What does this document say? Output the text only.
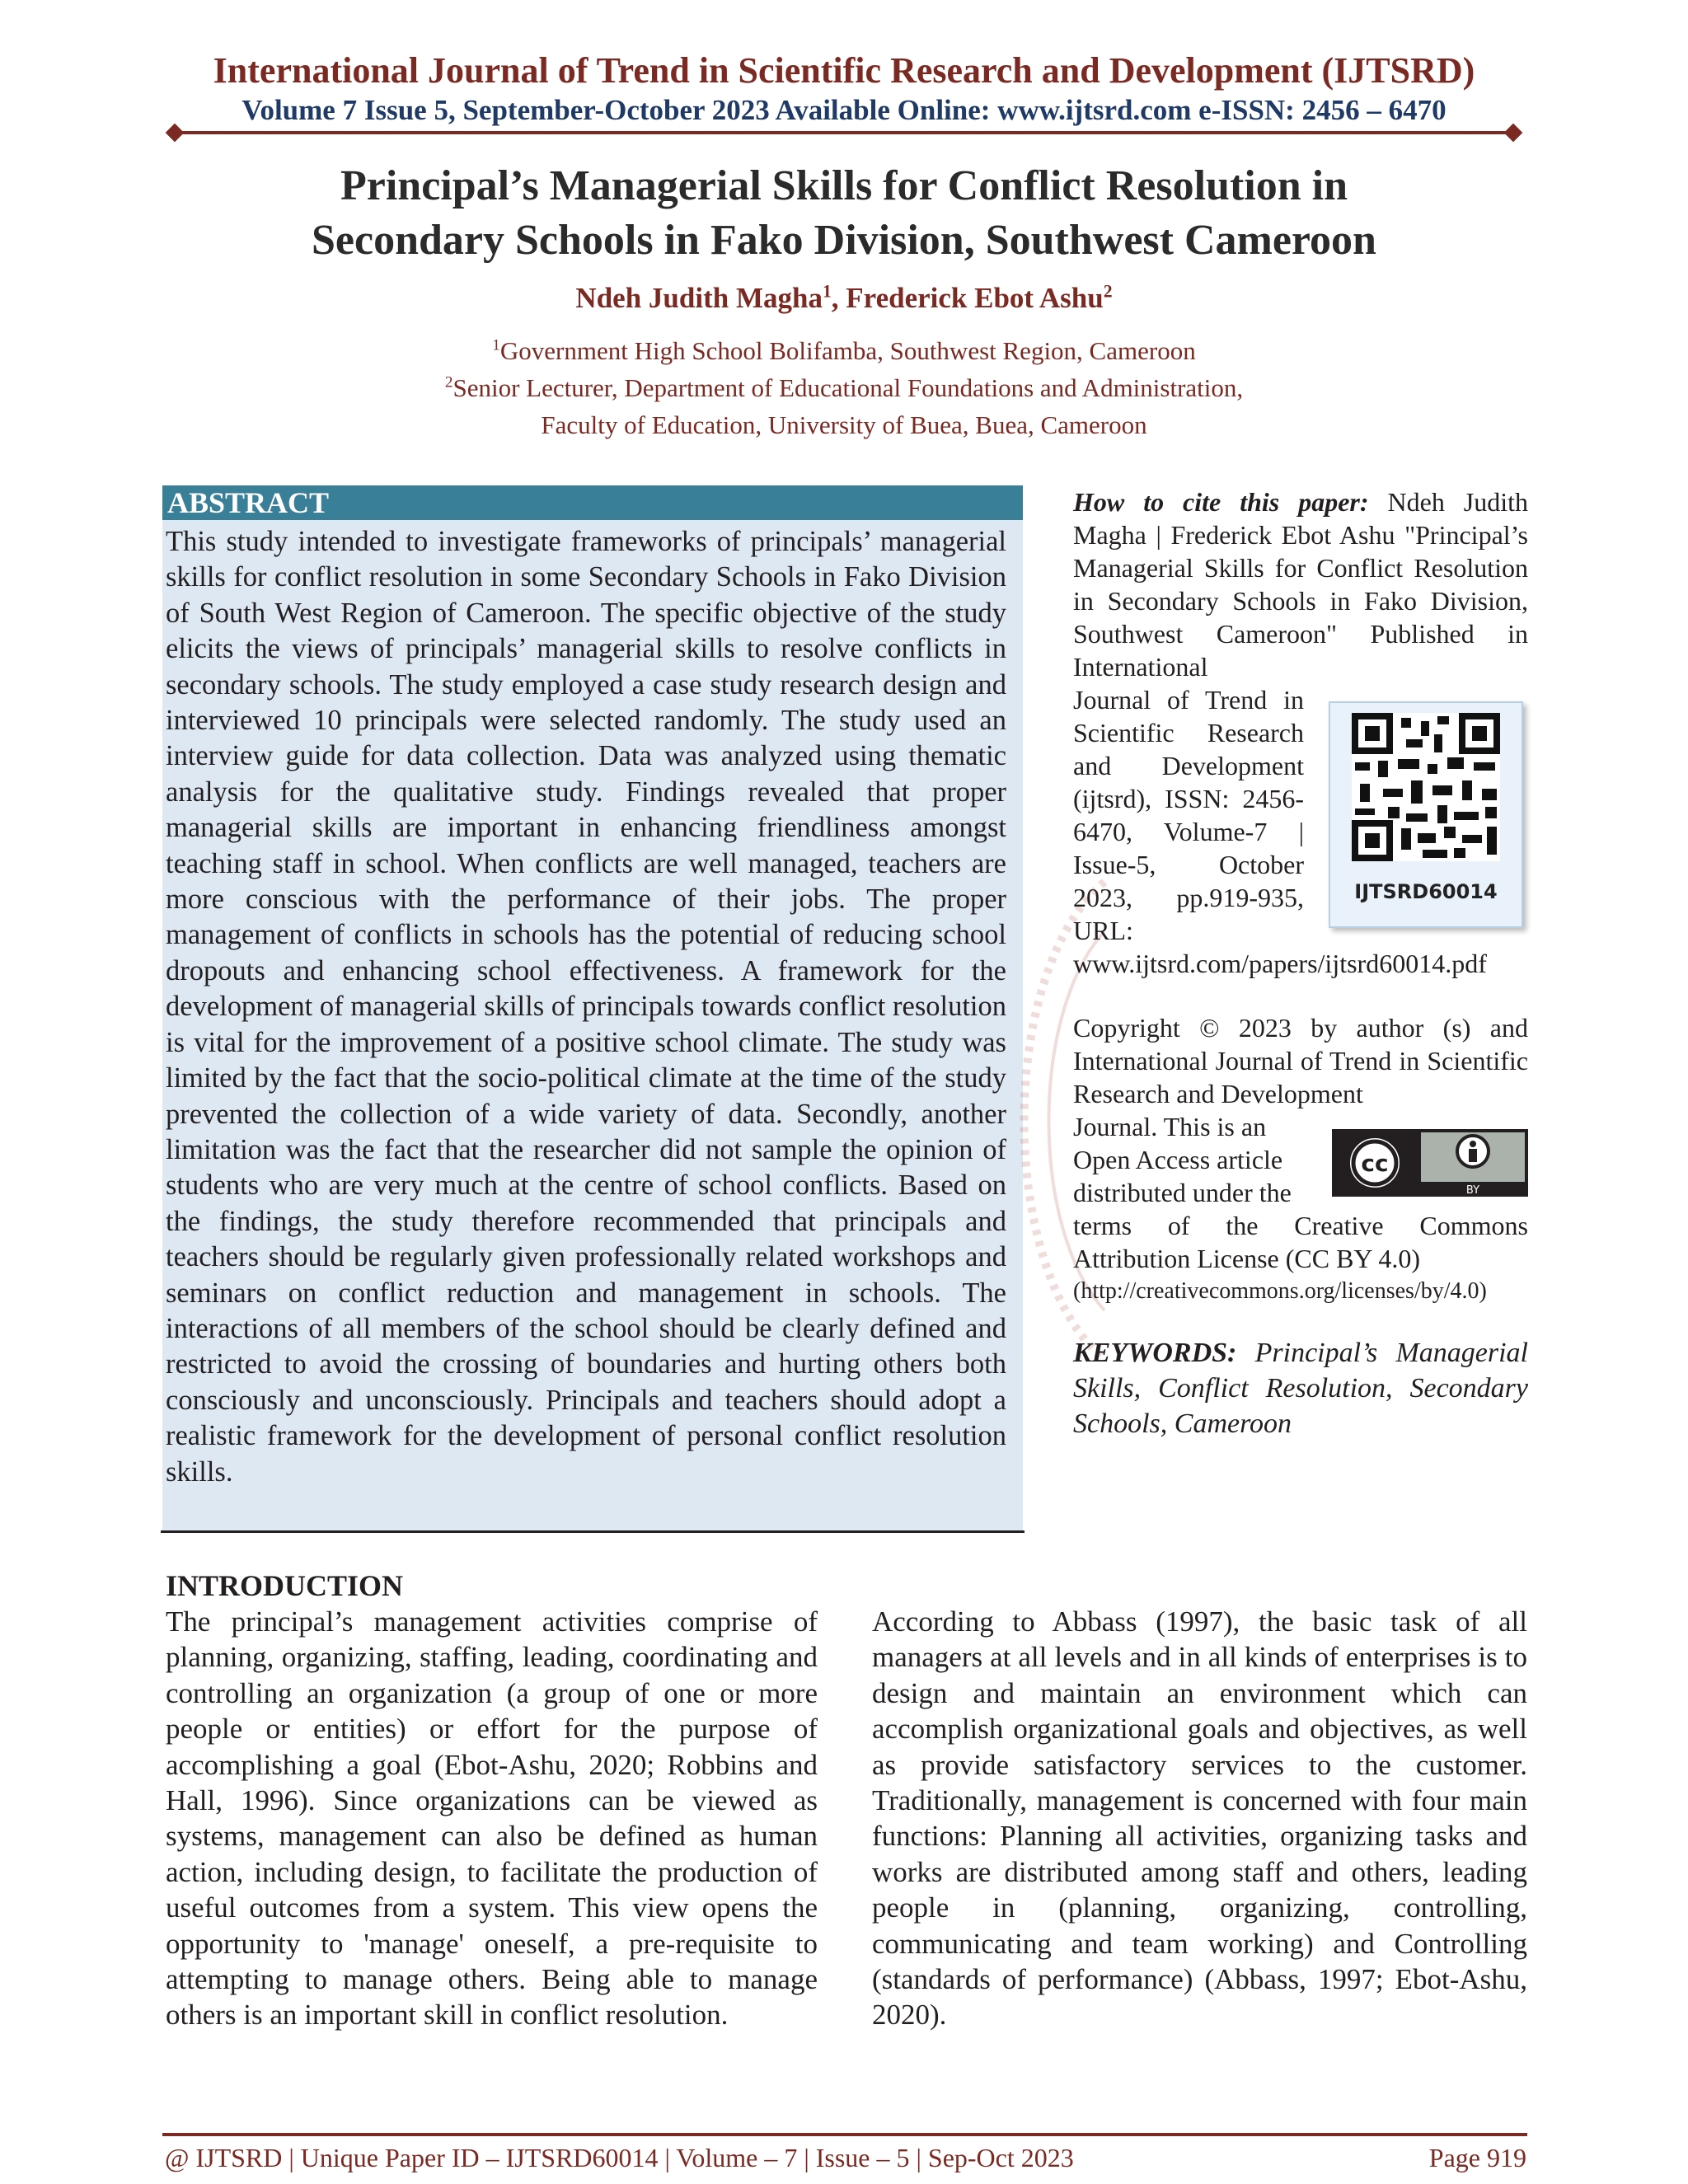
International Journal of Trend in Scientific Research and Development (IJTSRD)
Volume 7 Issue 5, September-October 2023 Available Online: www.ijtsrd.com e-ISSN: 2456 – 6470
Principal’s Managerial Skills for Conflict Resolution in
Secondary Schools in Fako Division, Southwest Cameroon
Ndeh Judith Magha$^1$, Frederick Ebot Ashu$^2$
$^1$Government High School Bolifamba, Southwest Region, Cameroon
$^2$Senior Lecturer, Department of Educational Foundations and Administration,
Faculty of Education, University of Buea, Buea, Cameroon
ABSTRACT
This study intended to investigate frameworks of principals’ managerial skills for conflict resolution in some Secondary Schools in Fako Division of South West Region of Cameroon. The specific objective of the study elicits the views of principals’ managerial skills to resolve conflicts in secondary schools. The study employed a case study research design and interviewed 10 principals were selected randomly. The study used an interview guide for data collection. Data was analyzed using thematic analysis for the qualitative study. Findings revealed that proper managerial skills are important in enhancing friendliness amongst teaching staff in school. When conflicts are well managed, teachers are more conscious with the performance of their jobs. The proper management of conflicts in schools has the potential of reducing school dropouts and enhancing school effectiveness. A framework for the development of managerial skills of principals towards conflict resolution is vital for the improvement of a positive school climate. The study was limited by the fact that the socio-political climate at the time of the study prevented the collection of a wide variety of data. Secondly, another limitation was the fact that the researcher did not sample the opinion of students who are very much at the centre of school conflicts. Based on the findings, the study therefore recommended that principals and teachers should be regularly given professionally related workshops and seminars on conflict reduction and management in schools. The interactions of all members of the school should be clearly defined and restricted to avoid the crossing of boundaries and hurting others both consciously and unconsciously. Principals and teachers should adopt a realistic framework for the development of personal conflict resolution skills.
How to cite this paper: Ndeh Judith Magha | Frederick Ebot Ashu "Principal’s Managerial Skills for Conflict Resolution in Secondary Schools in Fako Division, Southwest Cameroon" Published in International
Journal of Trend in Scientific Research and Development (ijtsrd), ISSN: 2456-6470, Volume-7 | Issue-5, October 2023, pp.919-935, URL:
www.ijtsrd.com/papers/ijtsrd60014.pdf
IJTSRD60014
Copyright © 2023 by author (s) and International Journal of Trend in Scientific Research and Development
Journal. This is an Open Access article distributed under the
cc
BY
terms of the Creative Commons Attribution License (CC BY 4.0)
(http://creativecommons.org/licenses/by/4.0)
KEYWORDS: Principal’s Managerial Skills, Conflict Resolution, Secondary Schools, Cameroon
INTRODUCTION
The principal’s management activities comprise of planning, organizing, staffing, leading, coordinating and controlling an organization (a group of one or more people or entities) or effort for the purpose of accomplishing a goal (Ebot-Ashu, 2020; Robbins and Hall, 1996). Since organizations can be viewed as systems, management can also be defined as human action, including design, to facilitate the production of useful outcomes from a system. This view opens the opportunity to 'manage' oneself, a pre-requisite to attempting to manage others. Being able to manage others is an important skill in conflict resolution.
According to Abbass (1997), the basic task of all managers at all levels and in all kinds of enterprises is to design and maintain an environment which can accomplish organizational goals and objectives, as well as provide satisfactory services to the customer. Traditionally, management is concerned with four main functions: Planning all activities, organizing tasks and works are distributed among staff and others, leading people in (planning, organizing, controlling, communicating and team working) and Controlling (standards of performance) (Abbass, 1997; Ebot-Ashu, 2020).
@ IJTSRD | Unique Paper ID – IJTSRD60014 | Volume – 7 | Issue – 5 | Sep-Oct 2023	Page 919
